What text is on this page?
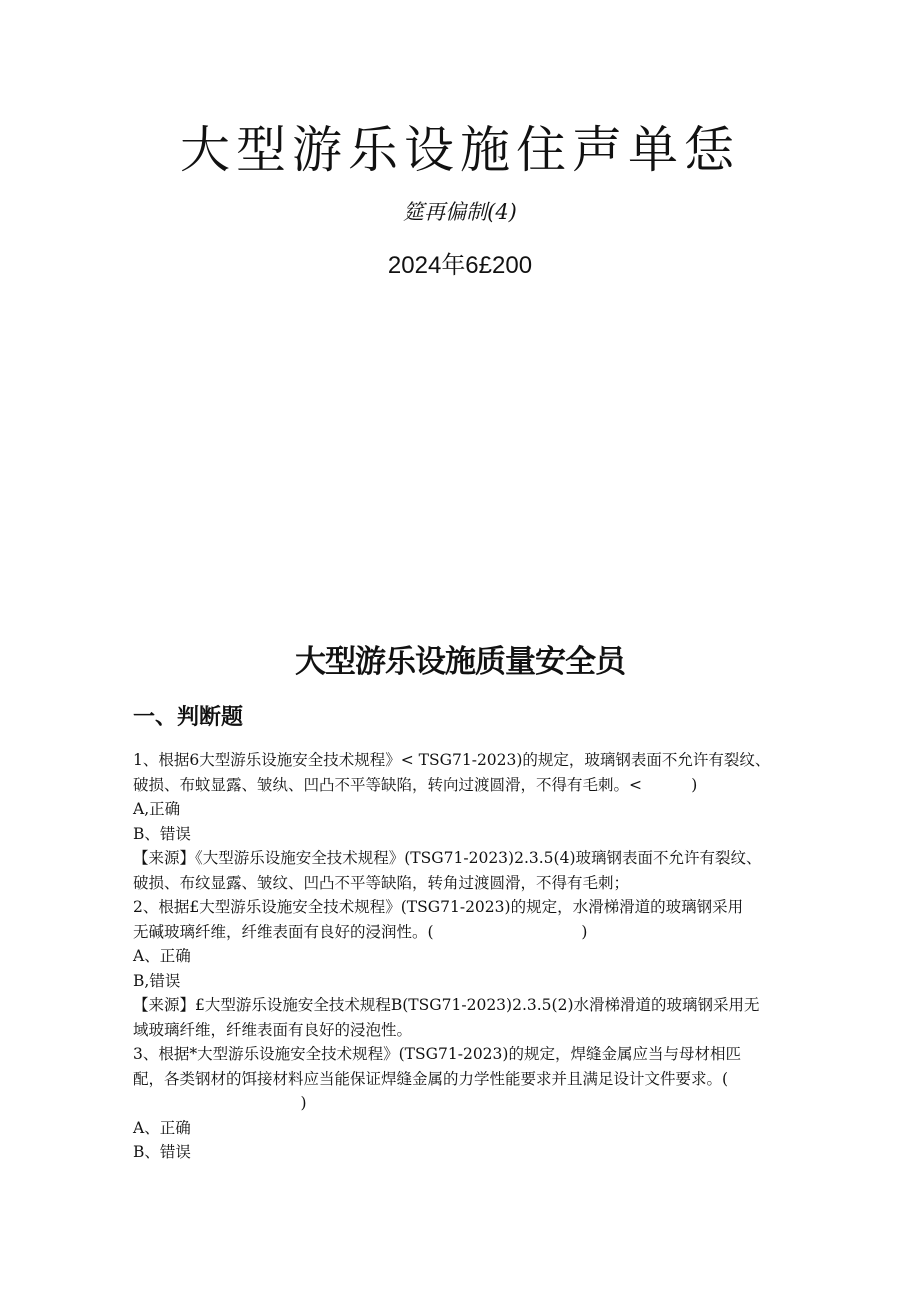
大型游乐设施住声单恁
筵再偏制(4)
2024年6£200
大型游乐设施质量安全员
一、判断题
1、根据6大型游乐设施安全技术规程》< TSG71-2023)的规定，玻璃钢表面不允许有裂纹、
破损、布蚊显露、皱纨、凹凸不平等缺陷，转向过渡圆滑，不得有毛刺。<          )
A,正确
B、错误
【来源】《大型游乐设施安全技术规程》(TSG71-2023)2.3.5(4)玻璃钢表面不允许有裂纹、
破损、布纹显露、皱纹、凹凸不平等缺陷，转角过渡圆滑，不得有毛刺；
2、根据£大型游乐设施安全技术规程》(TSG71-2023)的规定，水滑梯滑道的玻璃钢采用
无碱玻璃纤维，纤维表面有良好的浸润性。(                              )
A、正确
B,错误
【来源】£大型游乐设施安全技术规程B(TSG71-2023)2.3.5(2)水滑梯滑道的玻璃钢采用无
域玻璃纤维，纤维表面有良好的浸泡性。
3、根据*大型游乐设施安全技术规程》(TSG71-2023)的规定，焊缝金属应当与母材相匹
配，各类钢材的饵接材料应当能保证焊缝金属的力学性能要求并且满足设计文件要求。(
)
A、正确
B、错误
